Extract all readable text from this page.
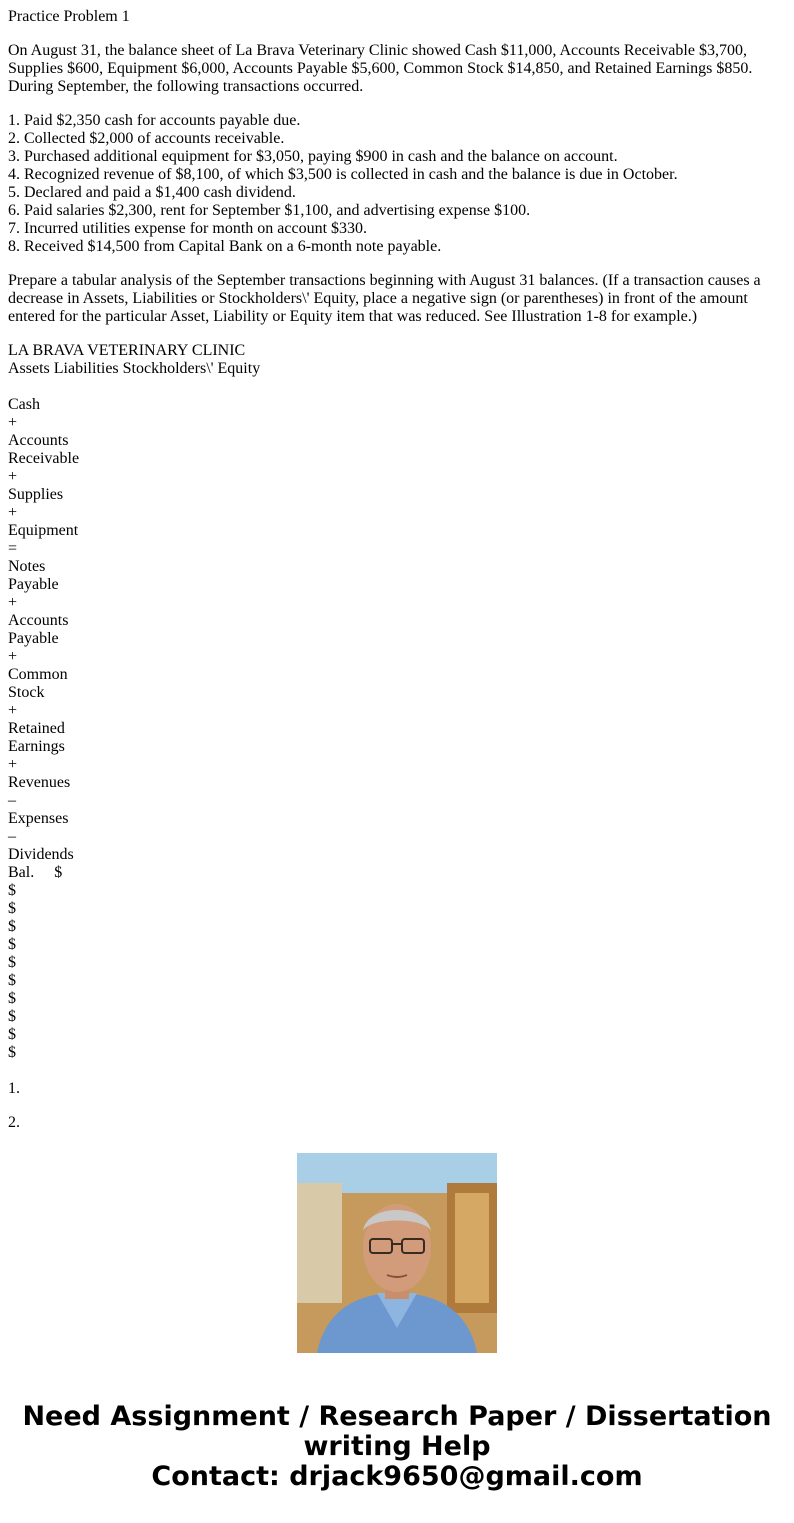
Practice Problem 1

On August 31, the balance sheet of La Brava Veterinary Clinic showed Cash $11,000, Accounts Receivable $3,700, Supplies $600, Equipment $6,000, Accounts Payable $5,600, Common Stock $14,850, and Retained Earnings $850. During September, the following transactions occurred.

1. Paid $2,350 cash for accounts payable due.
2. Collected $2,000 of accounts receivable.
3. Purchased additional equipment for $3,050, paying $900 in cash and the balance on account.
4. Recognized revenue of $8,100, of which $3,500 is collected in cash and the balance is due in October.
5. Declared and paid a $1,400 cash dividend.
6. Paid salaries $2,300, rent for September $1,100, and advertising expense $100.
7. Incurred utilities expense for month on account $330.
8. Received $14,500 from Capital Bank on a 6-month note payable.

Prepare a tabular analysis of the September transactions beginning with August 31 balances. (If a transaction causes a decrease in Assets, Liabilities or Stockholders\' Equity, place a negative sign (or parentheses) in front of the amount entered for the particular Asset, Liability or Equity item that was reduced. See Illustration 1-8 for example.)

LA BRAVA VETERINARY CLINIC
Assets Liabilities Stockholders\' Equity
Cash
+
Accounts
Receivable
+
Supplies
+
Equipment
=
Notes
Payable
+
Accounts
Payable
+
Common
Stock
+
Retained
Earnings
+
Revenues
–
Expenses
–
Dividends
Bal. $
$
$
$
$
$
$
$
$
$
$
1.
2.
Need Assignment / Research Paper / Dissertation
writing Help
Contact: drjack9650@gmail.com
